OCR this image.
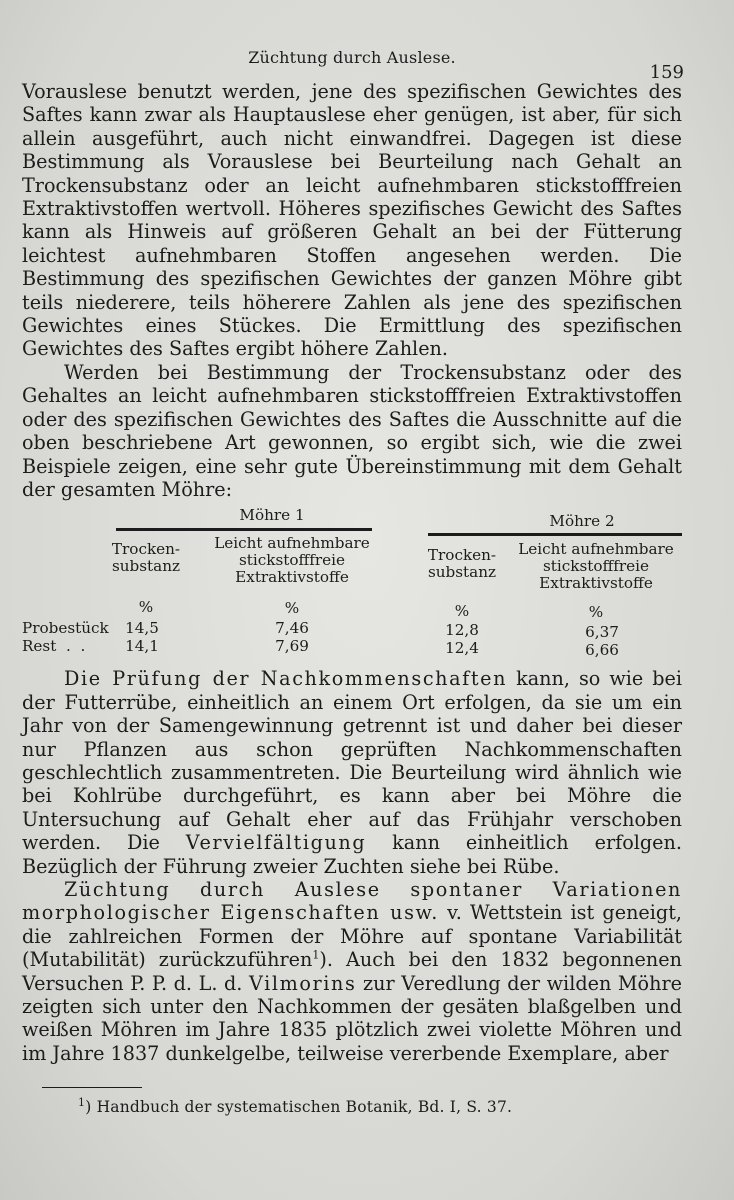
Züchtung durch Auslese.
159

Vorauslese benutzt werden, jene des spezifischen Gewichtes des Saftes kann zwar als Hauptauslese eher genügen, ist aber, für sich allein ausgeführt, auch nicht einwandfrei. Dagegen ist diese Bestimmung als Vorauslese bei Beurteilung nach Gehalt an Trockensubstanz oder an leicht aufnehmbaren stickstofffreien Extraktivstoffen wertvoll. Höheres spezifisches Gewicht des Saftes kann als Hinweis auf größeren Gehalt an bei der Fütterung leichtest aufnehmbaren Stoffen angesehen werden. Die Bestimmung des spezifischen Gewichtes der ganzen Möhre gibt teils niederere, teils höherere Zahlen als jene des spezifischen Gewichtes eines Stückes. Die Ermittlung des spezifischen Gewichtes des Saftes ergibt höhere Zahlen.

Werden bei Bestimmung der Trockensubstanz oder des Gehaltes an leicht aufnehmbaren stickstofffreien Extraktivstoffen oder des spezifischen Gewichtes des Saftes die Ausschnitte auf die oben beschriebene Art gewonnen, so ergibt sich, wie die zwei Beispiele zeigen, eine sehr gute Übereinstimmung mit dem Gehalt der gesamten Möhre:

Möhre 1	Möhre 2
Trocken-
substanz
Leicht aufnehmbare
stickstofffreie
Extraktivstoffe
Trocken-
substanz
Leicht aufnehmbare
stickstofffreie
Extraktivstoffe
%	%	%	%
Probestück	14,5	7,46	12,8	6,37
Rest  .  .	14,1	7,69	12,4	6,66

Die Prüfung der Nachkommenschaften kann, so wie bei der Futterrübe, einheitlich an einem Ort erfolgen, da sie um ein Jahr von der Samengewinnung getrennt ist und daher bei dieser nur Pflanzen aus schon geprüften Nachkommenschaften geschlechtlich zusammentreten. Die Beurteilung wird ähnlich wie bei Kohlrübe durchgeführt, es kann aber bei Möhre die Untersuchung auf Gehalt eher auf das Frühjahr verschoben werden. Die Vervielfältigung kann einheitlich erfolgen. Bezüglich der Führung zweier Zuchten siehe bei Rübe.

Züchtung durch Auslese spontaner Variationen morphologischer Eigenschaften usw. v. Wettstein ist geneigt, die zahlreichen Formen der Möhre auf spontane Variabilität (Mutabilität) zurückzuführen$^1$). Auch bei den 1832 begonnenen Versuchen P. P. d. L. d. Vilmorins zur Veredlung der wilden Möhre zeigten sich unter den Nachkommen der gesäten blaßgelben und weißen Möhren im Jahre 1835 plötzlich zwei violette Möhren und im Jahre 1837 dunkelgelbe, teilweise vererbende Exemplare, aber

$^1$) Handbuch der systematischen Botanik, Bd. I, S. 37.
